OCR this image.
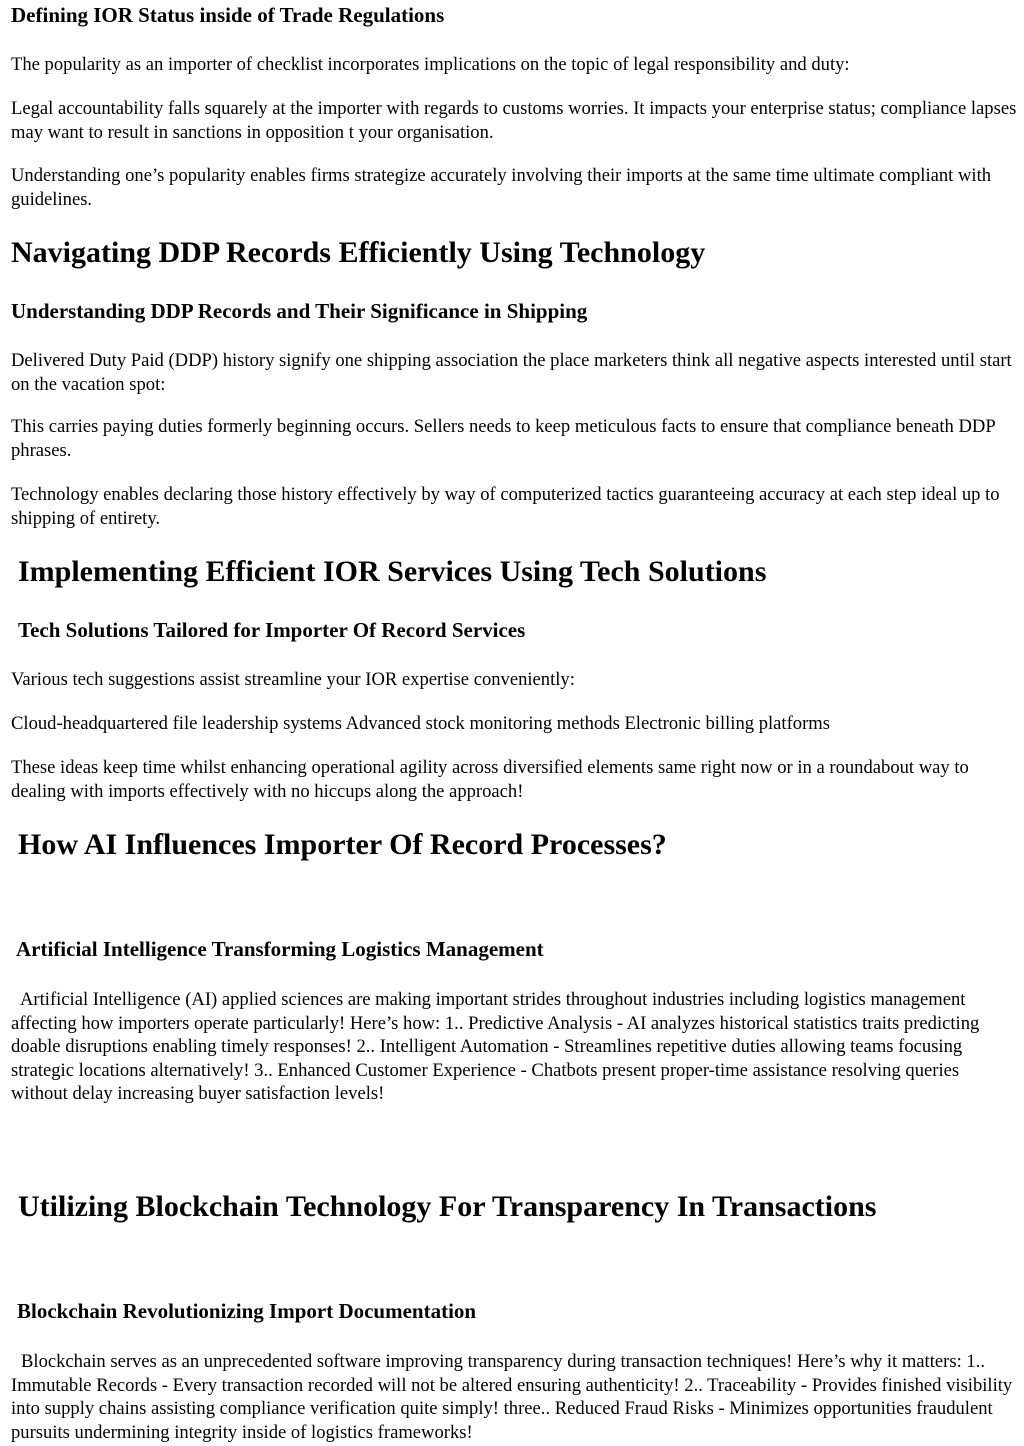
Defining IOR Status inside of Trade Regulations

The popularity as an importer of checklist incorporates implications on the topic of legal responsibility and duty:

Legal accountability falls squarely at the importer with regards to customs worries. It impacts your enterprise status; compliance lapses may want to result in sanctions in opposition t your organisation.

Understanding one’s popularity enables firms strategize accurately involving their imports at the same time ultimate compliant with guidelines.

Navigating DDP Records Efficiently Using Technology
Understanding DDP Records and Their Significance in Shipping

Delivered Duty Paid (DDP) history signify one shipping association the place marketers think all negative aspects interested until start on the vacation spot:

This carries paying duties formerly beginning occurs. Sellers needs to keep meticulous facts to ensure that compliance beneath DDP phrases.

Technology enables declaring those history effectively by way of computerized tactics guaranteeing accuracy at each step ideal up to shipping of entirety.

Implementing Efficient IOR Services Using Tech Solutions
Tech Solutions Tailored for Importer Of Record Services

Various tech suggestions assist streamline your IOR expertise conveniently:

Cloud-headquartered file leadership systems Advanced stock monitoring methods Electronic billing platforms

These ideas keep time whilst enhancing operational agility across diversified elements same right now or in a roundabout way to dealing with imports effectively with no hiccups along the approach!

How AI Influences Importer Of Record Processes?
Artificial Intelligence Transforming Logistics Management

Artificial Intelligence (AI) applied sciences are making important strides throughout industries including logistics management affecting how importers operate particularly! Here’s how: 1.. Predictive Analysis - AI analyzes historical statistics traits predicting doable disruptions enabling timely responses! 2.. Intelligent Automation - Streamlines repetitive duties allowing teams focusing strategic locations alternatively! 3.. Enhanced Customer Experience - Chatbots present proper-time assistance resolving queries without delay increasing buyer satisfaction levels!

Utilizing Blockchain Technology For Transparency In Transactions
Blockchain Revolutionizing Import Documentation

Blockchain serves as an unprecedented software improving transparency during transaction techniques! Here’s why it matters: 1.. Immutable Records - Every transaction recorded will not be altered ensuring authenticity! 2.. Traceability - Provides finished visibility into supply chains assisting compliance verification quite simply! three.. Reduced Fraud Risks - Minimizes opportunities fraudulent pursuits undermining integrity inside of logistics frameworks!
